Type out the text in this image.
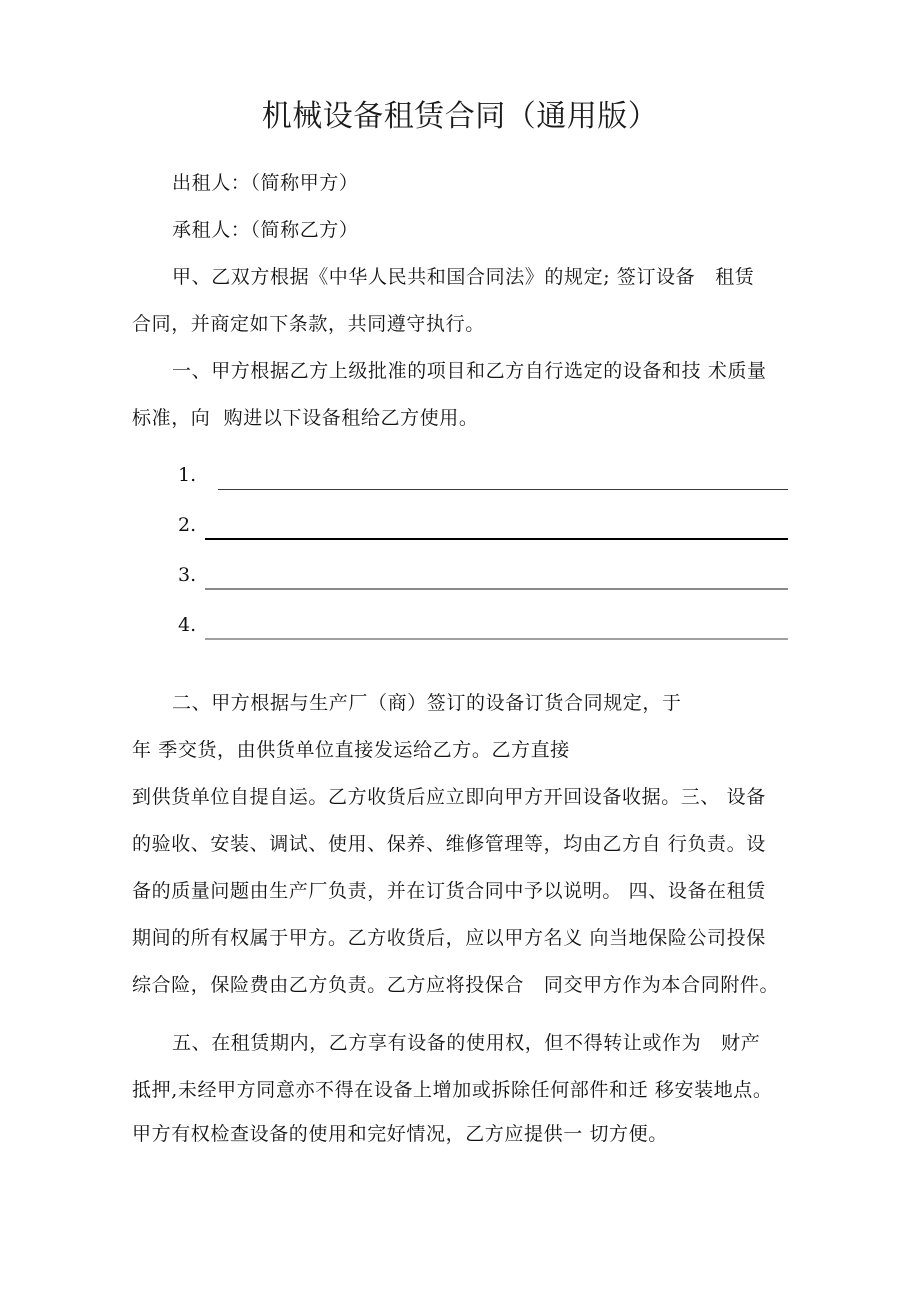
机械设备租赁合同（通用版）
出租人：（简称甲方）
承租人：（简称乙方）
甲、乙双方根据《中华人民共和国合同法》的规定; 签订设备   租赁
合同，并商定如下条款，共同遵守执行。
一、甲方根据乙方上级批准的项目和乙方自行选定的设备和技 术质量
标准，向  购进以下设备租给乙方使用。
1.
2.
3.
4.
二、甲方根据与生产厂（商）签订的设备订货合同规定，于
年 季交货，由供货单位直接发运给乙方。乙方直接
到供货单位自提自运。乙方收货后应立即向甲方开回设备收据。三、 设备
的验收、安装、调试、使用、保养、维修管理等，均由乙方自 行负责。设
备的质量问题由生产厂负责，并在订货合同中予以说明。 四、设备在租赁
期间的所有权属于甲方。乙方收货后，应以甲方名义 向当地保险公司投保
综合险，保险费由乙方负责。乙方应将投保合   同交甲方作为本合同附件。
五、在租赁期内，乙方享有设备的使用权，但不得转让或作为   财产
抵押,未经甲方同意亦不得在设备上增加或拆除任何部件和迁 移安装地点。
甲方有权检查设备的使用和完好情况，乙方应提供一 切方便。
